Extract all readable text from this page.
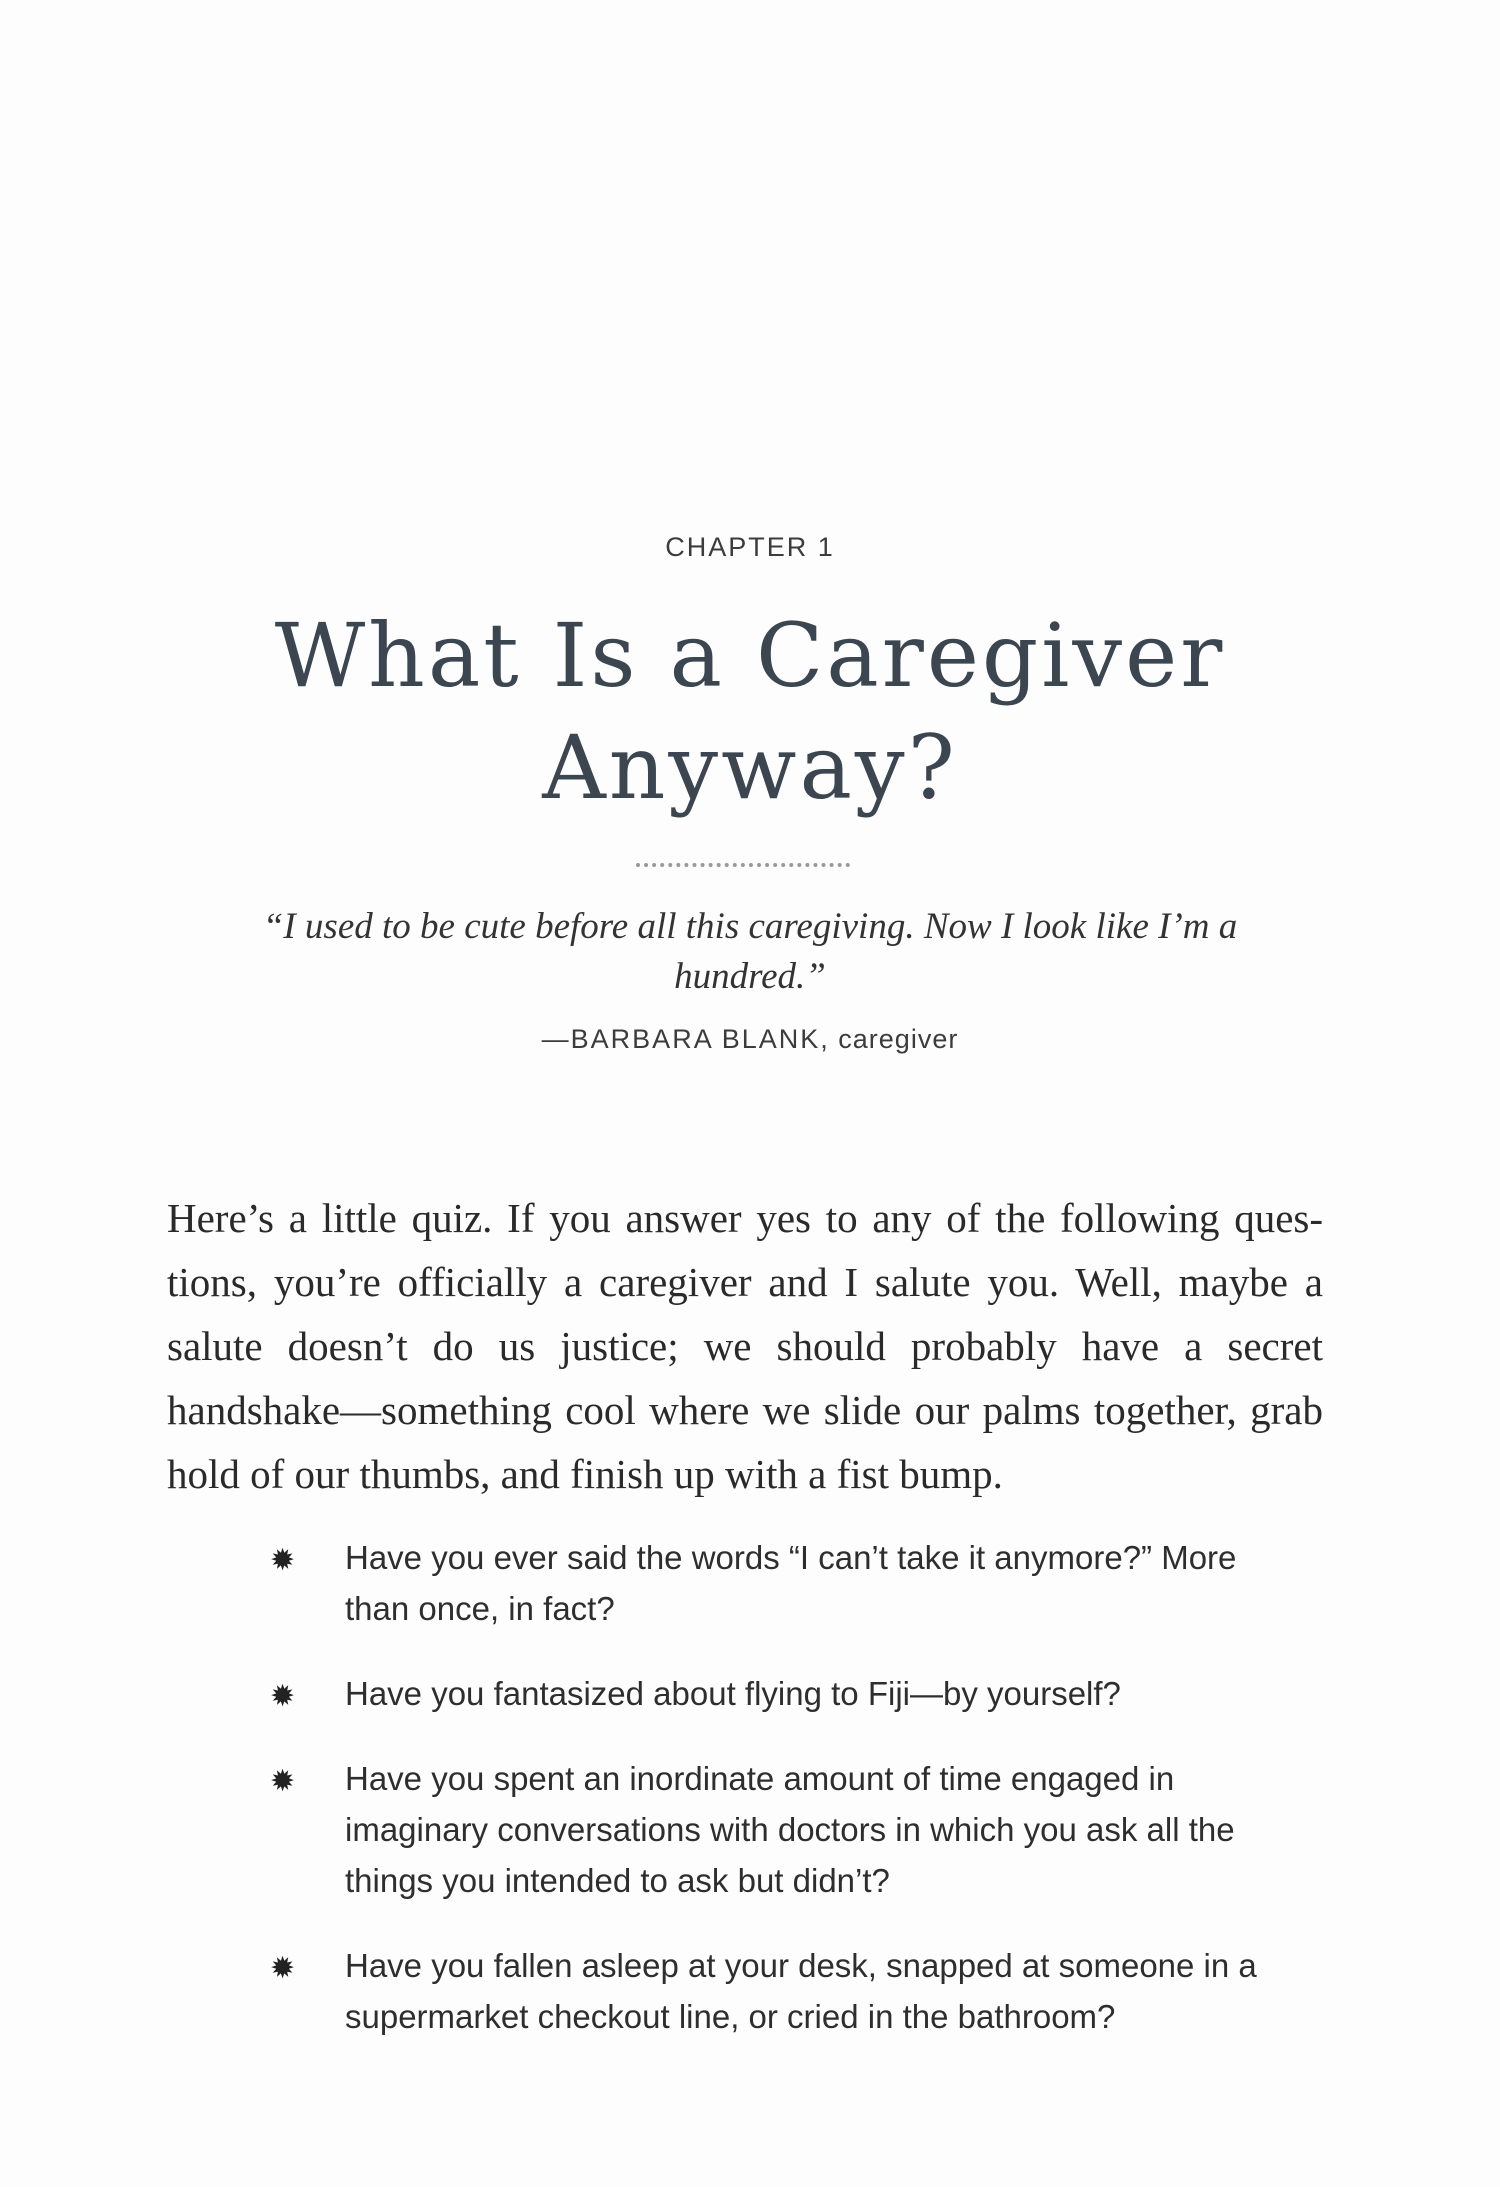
CHAPTER 1
What Is a Caregiver Anyway?
“I used to be cute before all this caregiving. Now I look like I’m a hundred.”
—BARBARA BLANK, caregiver

Here’s a little quiz. If you answer yes to any of the following questions, you’re officially a caregiver and I salute you. Well, maybe a salute doesn’t do us justice; we should probably have a secret handshake—something cool where we slide our palms together, grab hold of our thumbs, and finish up with a fist bump.

✹ Have you ever said the words “I can’t take it anymore?” More than once, in fact?
✹ Have you fantasized about flying to Fiji—by yourself?
✹ Have you spent an inordinate amount of time engaged in imaginary conversations with doctors in which you ask all the things you intended to ask but didn’t?
✹ Have you fallen asleep at your desk, snapped at someone in a supermarket checkout line, or cried in the bathroom?
